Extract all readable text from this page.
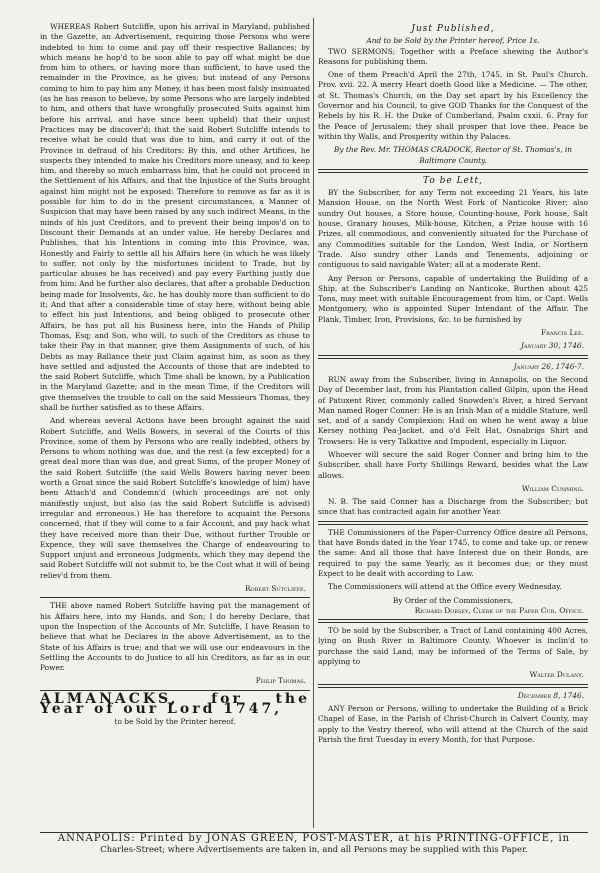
WHEREAS Robert Sutcliffe, upon his arrival in Maryland, published in the Gazette, an Advertisement, requiring those Persons who were indebted to him to come and pay off their respective Ballances; by which means he hop'd to be soon able to pay off what might be due from him to others, or having more than sufficient, to have used the remainder in the Province, as he gives; but instead of any Persons coming to him to pay him any Money, it has been most falsly insinuated (as he has reason to believe, by some Persons who are largely indebted to him, and others that have wrongfully prosecuted Suits against him before his arrival, and have since been upheld) that their unjust Practices may be discover'd; that the said Robert Sutcliffe intends to receive what he could that was due to him, and carry it out of the Province in defraud of his Creditors: By this, and other Artifices, he suspects they intended to make his Creditors more uneasy, and to keep him, and thereby so much embarrass him, that he could not proceed in the Settlement of his Affairs, and that the Injustice of the Suits brought against him might not be exposed: Therefore to remove as far as it is possible for him to do in the present circumstances, a Manner of Suspicion that may have been raised by any such indirect Means, in the minds of his just Creditors, and to prevent their being impos'd on to Discount their Demands at an under value, He hereby Declares and Publishes, that his Intentions in coming into this Province, was, Honestly and Fairly to settle all his Affairs here (in which he was likely to suffer, not only by the misfortunes incident to Trade, but by particular abuses he has received) and pay every Farthing justly due from him: And he further also declares, that after a probable Deduction being made for Insolvents, &c. he has doubly more than sufficient to do it; And that after a considerable time of stay here, without being able to effect his just Intentions, and being obliged to prosecute other Affairs, he has put all his Business here, into the Hands of Philip Thomas, Esq; and Son, who will, to such of the Creditors as chuse to take their Pay in that manner, give them Assignments of such, of his Debts as may Ballance their just Claim against him, as soon as they have settled and adjusted the Accounts of those that are indebted to the said Robert Sutcliffe, which Time shall be known, by a Publication in the Maryland Gazette; and in the mean Time, if the Creditors will give themselves the trouble to call on the said Messieurs Thomas, they shall be further satisfied as to these Affairs.

And whereas several Actions have been brought against the said Robert Sutcliffe, and Wells Bowers, in several of the Courts of this Province, some of them by Persons who are really indebted, others by Persons to whom nothing was due, and the rest (a few excepted) for a great deal more than was due, and great Sums, of the proper Money of the said Robert Sutcliffe (the said Wells Bowers having never been worth a Groat since the said Robert Sutcliffe's knowledge of him) have been Attach'd and Condemn'd (which proceedings are not only manifestly unjust, but also (as the said Robert Sutcliffe is advised) irregular and erroneous.) He has therefore to acquaint the Persons concerned, that if they will come to a fair Account, and pay back what they have received more than their Due, without further Trouble or Expence, they will save themselves the Charge of endeavouring to Support unjust and erroneous Judgments, which they may depend the said Robert Sutcliffe will not submit to, be the Cost what it will of being reliev'd from them.

Robert Sutcliffe.

THE above named Robert Sutcliffe having put the management of his Affairs here, into my Hands, and Son; I do hereby Declare, that upon the Inspection of the Accounts of Mr. Sutcliffe, I have Reason to believe that what he Declares in the above Advertisement, as to the State of his Affairs is true; and that we will use our endeavours in the Settling the Accounts to do Justice to all his Creditors, as far as in our Power.

Philip Thomas.

ALMANACKS, for the Year of our Lord 1747,

to be Sold by the Printer hereof.

Just Published,
And to be Sold by the Printer hereof, Price 1s.

TWO SERMONS; Together with a Preface shewing the Author's Reasons for publishing them.

One of them Preach'd April the 27th, 1745, in St. Paul's Church. Prov. xvii. 22. A merry Heart doeth Good like a Medicine. — The other, at St. Thomas's Church, on the Day set apart by his Excellency the Governor and his Council, to give GOD Thanks for the Conquest of the Rebels by his R. H. the Duke of Cumberland, Psalm cxxii. 6. Pray for the Peace of Jerusalem; they shall prosper that love thee. Peace be within thy Walls, and Prosperity within thy Palaces.

By the Rev. Mr. THOMAS CRADOCK, Rector of St. Thomas's, in Baltimore County.

To be Lett,

BY the Subscriber, for any Term not exceeding 21 Years, his late Mansion House, on the North West Fork of Nanticoke River; also sundry Out houses, a Store house, Counting-house, Pork house, Salt house, Granary houses, Milk-house, Kitchen, a Prize house with 16 Prizes, all commodious, and conveniently situated for the Purchase of any Commodities suitable for the London, West India, or Northern Trade. Also sundry other Lands and Tenements, adjoining or contiguous to said navigable Water; all at a moderate Rent.

Any Person or Persons, capable of undertaking the Building of a Ship, at the Subscriber's Landing on Nanticoke, Burthen about 425 Tons, may meet with suitable Encouragement from him, or Capt. Wells Montgomery, who is appointed Super Intendant of the Affair. The Plank, Timber, Iron, Provisions, &c. to be furnished by

Francis Lee.
January 30, 1746.
January 26, 1746-7.

RUN away from the Subscriber, living in Annapolis, on the Second Day of December last, from his Plantation called Gilpin, upon the Head of Patuxent River, commonly called Snowden's River, a hired Servant Man named Roger Conner: He is an Irish Man of a middle Stature, well set, and of a sandy Complexion: Had on when he went away a blue Kersey nothing Pea-Jacket, and o'd Felt Hat, Osnabrigs Shirt and Trowsers: He is very Talkative and Impudent, especially in Liquor.

Whoever will secure the said Roger Conner and bring him to the Subscriber, shall have Forty Shillings Reward, besides what the Law allows.

William Cumming.

N. B. The said Conner has a Discharge from the Subscriber; but since that has contracted again for another Year.

THE Commissioners of the Paper-Currency Office desire all Persons, that have Bonds dated in the Year 1745, to come and take up, or renew the same: And all those that have Interest due on their Bonds, are required to pay the same Yearly, as it becomes due; or they must Expect to be dealt with according to Law.

The Commissioners will attend at the Office every Wednesday.

By Order of the Commissioners,
Richard Dorsey, Clerk of the Paper Cur. Office.

TO be sold by the Subscriber, a Tract of Land containing 400 Acres, lying on Bush River in Baltimore County. Whoever is inclin'd to purchase the said Land, may be informed of the Terms of Sale, by applying to

Walter Dulany.
December 8, 1746.

ANY Person or Persons, willing to undertake the Building of a Brick Chapel of Ease, in the Parish of Christ-Church in Calvert County, may apply to the Vestry thereof, who will attend at the Church of the said Parish the first Tuesday in every Month, for that Purpose.

ANNAPOLIS: Printed by JONAS GREEN, POST-MASTER, at his PRINTING-OFFICE, in
Charles-Street; where Advertisements are taken in, and all Persons may be supplied with this Paper.
